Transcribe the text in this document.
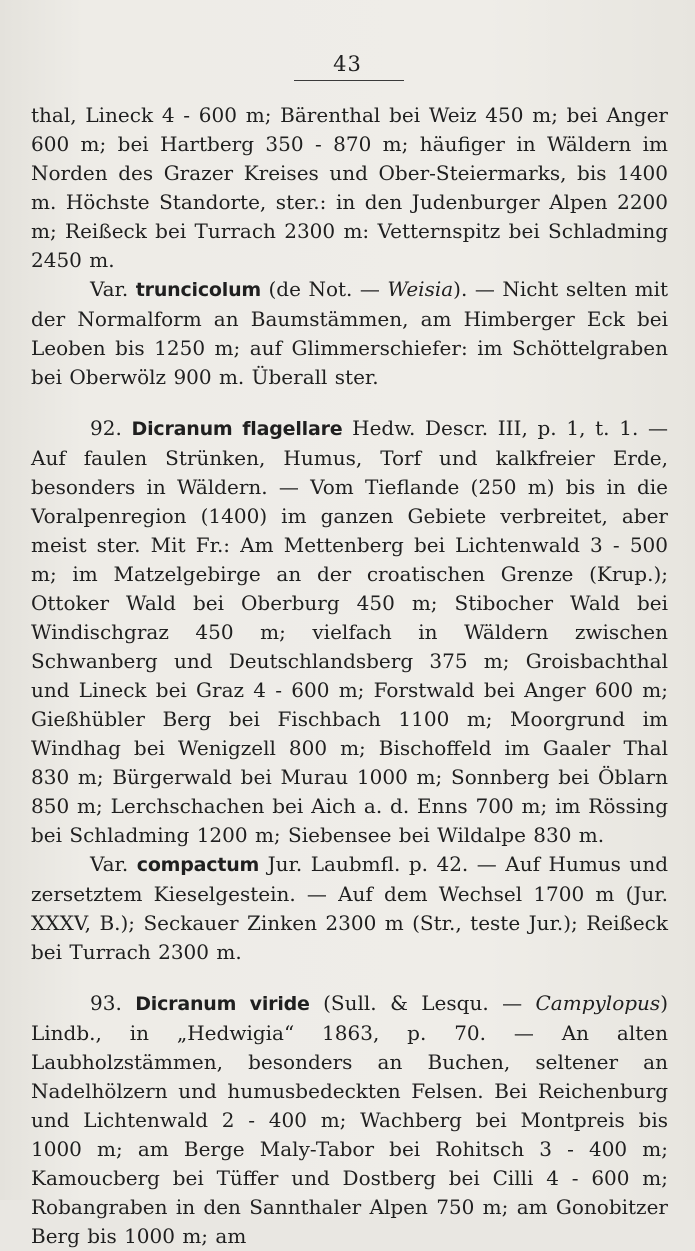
43

thal, Lineck 4 - 600 m; Bärenthal bei Weiz 450 m; bei Anger 600 m; bei Hartberg 350 - 870 m; häufiger in Wäldern im Norden des Grazer Kreises und Ober-Steiermarks, bis 1400 m. Höchste Standorte, ster.: in den Judenburger Alpen 2200 m; Reißeck bei Turrach 2300 m: Vetternspitz bei Schladming 2450 m.

Var. truncicolum (de Not. — Weisia). — Nicht selten mit der Normalform an Baumstämmen, am Himberger Eck bei Leoben bis 1250 m; auf Glimmerschiefer: im Schöttelgraben bei Oberwölz 900 m. Überall ster.

92. Dicranum flagellare Hedw. Descr. III, p. 1, t. 1. — Auf faulen Strünken, Humus, Torf und kalkfreier Erde, besonders in Wäldern. — Vom Tieflande (250 m) bis in die Voralpenregion (1400) im ganzen Gebiete verbreitet, aber meist ster. Mit Fr.: Am Mettenberg bei Lichtenwald 3 - 500 m; im Matzelgebirge an der croatischen Grenze (Krup.); Ottoker Wald bei Oberburg 450 m; Stibocher Wald bei Windischgraz 450 m; vielfach in Wäldern zwischen Schwanberg und Deutschlandsberg 375 m; Groisbachthal und Lineck bei Graz 4 - 600 m; Forstwald bei Anger 600 m; Gießhübler Berg bei Fischbach 1100 m; Moorgrund im Windhag bei Wenigzell 800 m; Bischoffeld im Gaaler Thal 830 m; Bürgerwald bei Murau 1000 m; Sonnberg bei Öblarn 850 m; Lerchschachen bei Aich a. d. Enns 700 m; im Rössing bei Schladming 1200 m; Siebensee bei Wildalpe 830 m.

Var. compactum Jur. Laubmfl. p. 42. — Auf Humus und zersetztem Kieselgestein. — Auf dem Wechsel 1700 m (Jur. XXXV, B.); Seckauer Zinken 2300 m (Str., teste Jur.); Reißeck bei Turrach 2300 m.

93. Dicranum viride (Sull. & Lesqu. — Campylopus) Lindb., in „Hedwigia“ 1863, p. 70. — An alten Laubholzstämmen, besonders an Buchen, seltener an Nadelhölzern und humusbedeckten Felsen. Bei Reichenburg und Lichtenwald 2 - 400 m; Wachberg bei Montpreis bis 1000 m; am Berge Maly-Tabor bei Rohitsch 3 - 400 m; Kamoucberg bei Tüffer und Dostberg bei Cilli 4 - 600 m; Robangraben in den Sannthaler Alpen 750 m; am Gonobitzer Berg bis 1000 m; am
